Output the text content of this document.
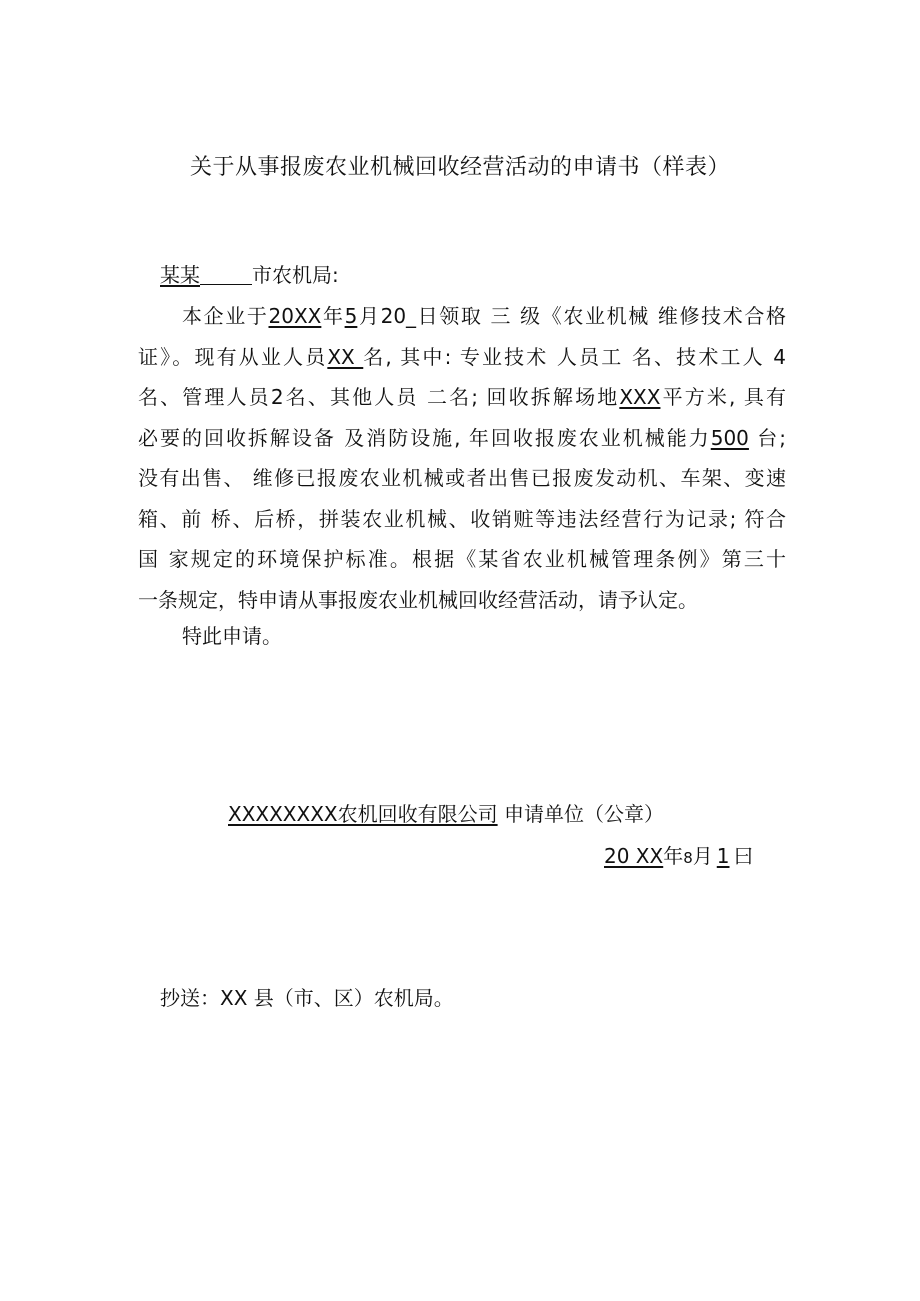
关于从事报废农业机械回收经营活动的申请书（样表）
某某	市农机局:
本企业于20XX年5月20_日领取 三 级《农业机械 维修技术合格
证》。现有从业人员XX 名, 其中: 专业技术 人员工 名、技术工人 4
名、管理人员2名、其他人员 二名; 回收拆解场地XXX平方米, 具有
必要的回收拆解设备 及消防设施, 年回收报废农业机械能力500 台;
没有出售、 维修已报废农业机械或者出售已报废发动机、车架、变速
箱、前 桥、后桥，拼装农业机械、收销赃等违法经营行为记录; 符合
国 家规定的环境保护标准。根据《某省农业机械管理条例》第三十
一条规定，特申请从事报废农业机械回收经营活动，请予认定。
特此申请。
XXXXXXXX农机回收有限公司 申请单位（公章）
20 XX年8月 1 曰
抄送：XX 县（市、区）农机局。
